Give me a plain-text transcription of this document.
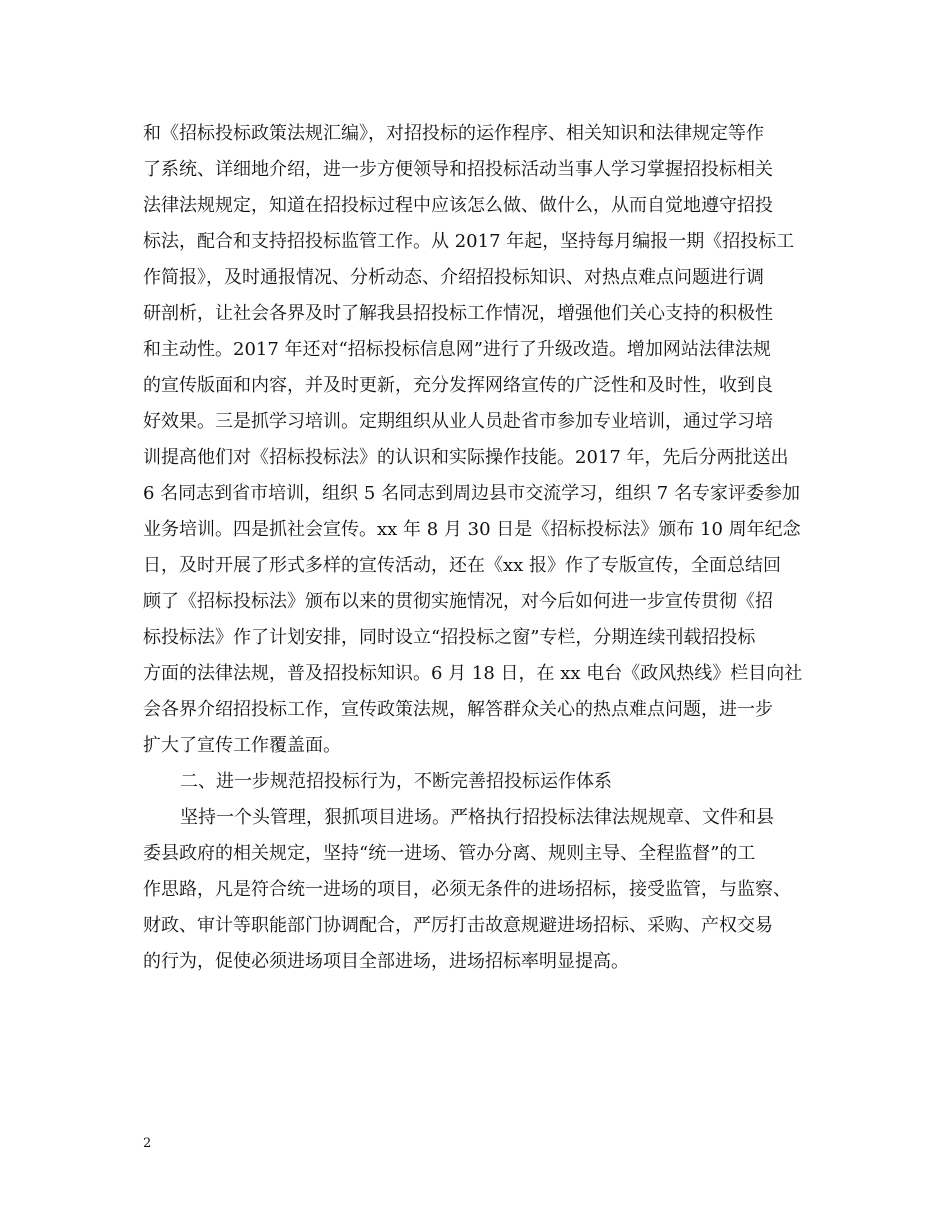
和《招标投标政策法规汇编》，对招投标的运作程序、相关知识和法律规定等作
了系统、详细地介绍，进一步方便领导和招投标活动当事人学习掌握招投标相关
法律法规规定，知道在招投标过程中应该怎么做、做什么，从而自觉地遵守招投
标法，配合和支持招投标监管工作。从 2017 年起，坚持每月编报一期《招投标工
作简报》，及时通报情况、分析动态、介绍招投标知识、对热点难点问题进行调
研剖析，让社会各界及时了解我县招投标工作情况，增强他们关心支持的积极性
和主动性。2017 年还对“招标投标信息网”进行了升级改造。增加网站法律法规
的宣传版面和内容，并及时更新，充分发挥网络宣传的广泛性和及时性，收到良
好效果。三是抓学习培训。定期组织从业人员赴省市参加专业培训，通过学习培
训提高他们对《招标投标法》的认识和实际操作技能。2017 年，先后分两批送出
6 名同志到省市培训，组织 5 名同志到周边县市交流学习，组织 7 名专家评委参加
业务培训。四是抓社会宣传。xx 年 8 月 30 日是《招标投标法》颁布 10 周年纪念
日，及时开展了形式多样的宣传活动，还在《xx 报》作了专版宣传，全面总结回
顾了《招标投标法》颁布以来的贯彻实施情况，对今后如何进一步宣传贯彻《招
标投标法》作了计划安排，同时设立“招投标之窗”专栏，分期连续刊载招投标
方面的法律法规，普及招投标知识。6 月 18 日，在 xx 电台《政风热线》栏目向社
会各界介绍招投标工作，宣传政策法规，解答群众关心的热点难点问题，进一步
扩大了宣传工作覆盖面。
二、进一步规范招投标行为，不断完善招投标运作体系
坚持一个头管理，狠抓项目进场。严格执行招投标法律法规规章、文件和县
委县政府的相关规定，坚持“统一进场、管办分离、规则主导、全程监督”的工
作思路，凡是符合统一进场的项目，必须无条件的进场招标，接受监管，与监察、
财政、审计等职能部门协调配合，严厉打击故意规避进场招标、采购、产权交易
的行为，促使必须进场项目全部进场，进场招标率明显提高。
2
